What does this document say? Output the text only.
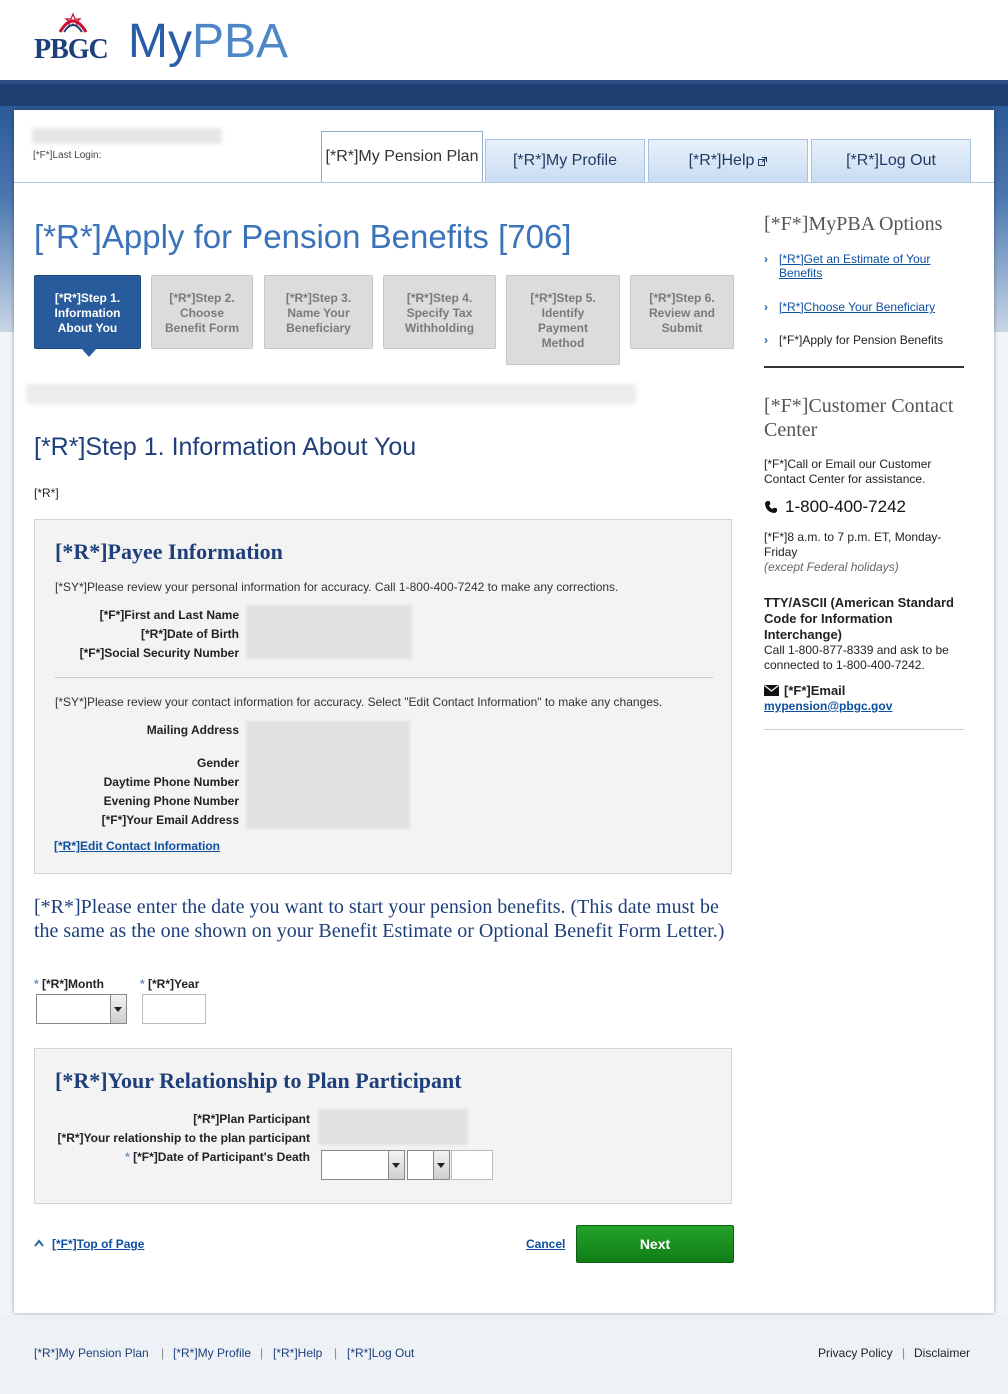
PBGC MyPBA
[*F*]Last Login:	[*R*]My Pension Plan [*R*]My Profile	[*R*]Help	[*R*]Log Out
[*R*]Apply for Pension Benefits [706]
[*R*]Step 1.
Information
About You
[*R*]Step 2.
Choose
Benefit Form
[*R*]Step 3.
Name Your
Beneficiary
[*R*]Step 4.
Specify Tax
Withholding
[*R*]Step 5.
Identify
Payment
Method
[*R*]Step 6.
Review and
Submit
[*R*]Step 1. Information About You
[*R*]
[*R*]Payee Information
[*SY*]Please review your personal information for accuracy. Call 1-800-400-7242 to make any corrections.
[*F*]First and Last Name
[*R*]Date of Birth
[*F*]Social Security Number
[*SY*]Please review your contact information for accuracy. Select "Edit Contact Information" to make any changes.
Mailing Address
Gender
Daytime Phone Number
Evening Phone Number
[*F*]Your Email Address
[*R*]Edit Contact Information
[*R*]Please enter the date you want to start your pension benefits. (This date must be the same as the one shown on your Benefit Estimate or Optional Benefit Form Letter.)
* [*R*]Month	* [*R*]Year
[*R*]Your Relationship to Plan Participant
[*R*]Plan Participant
[*R*]Your relationship to the plan participant
* [*F*]Date of Participant's Death
[*F*]Top of Page	Cancel	Next
[*F*]MyPBA Options
› [*R*]Get an Estimate of Your Benefits
› [*R*]Choose Your Beneficiary
› [*F*]Apply for Pension Benefits
[*F*]Customer Contact Center
[*F*]Call or Email our Customer Contact Center for assistance.
1-800-400-7242
[*F*]8 a.m. to 7 p.m. ET, Monday-Friday
(except Federal holidays)
TTY/ASCII (American Standard Code for Information Interchange)
Call 1-800-877-8339 and ask to be connected to 1-800-400-7242.
[*F*]Email
mypension@pbgc.gov
[*R*]My Pension Plan | [*R*]My Profile | [*R*]Help | [*R*]Log Out	Privacy Policy | Disclaimer
